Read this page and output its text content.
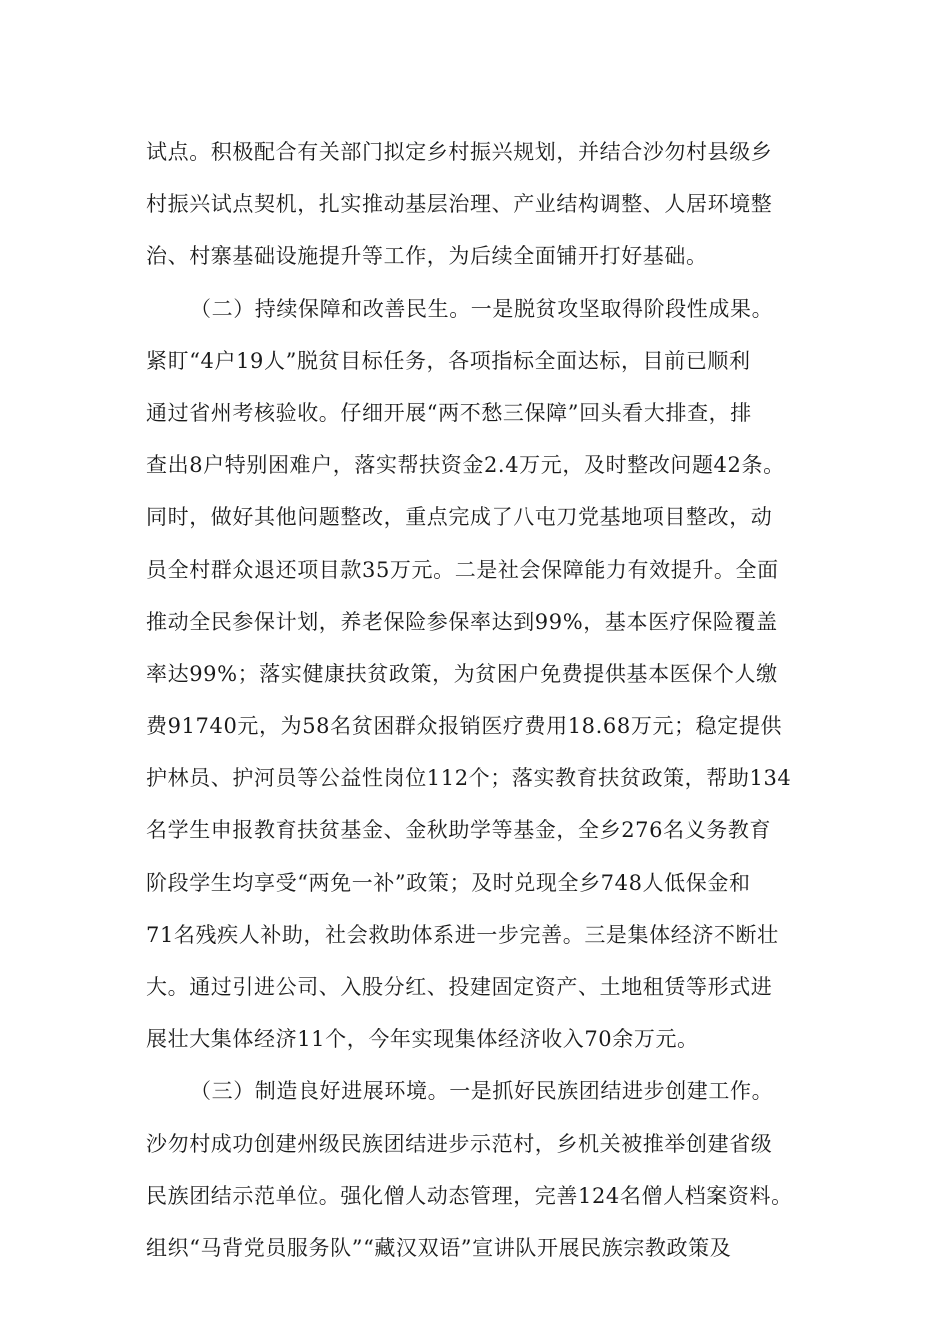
试点。积极配合有关部门拟定乡村振兴规划，并结合沙勿村县级乡
村振兴试点契机，扎实推动基层治理、产业结构调整、人居环境整
治、村寨基础设施提升等工作，为后续全面铺开打好基础。
（二）持续保障和改善民生。一是脱贫攻坚取得阶段性成果。
紧盯“4户19人”脱贫目标任务，各项指标全面达标，目前已顺利
通过省州考核验收。仔细开展“两不愁三保障”回头看大排查，排
查出8户特别困难户，落实帮扶资金2.4万元，及时整改问题42条。
同时，做好其他问题整改，重点完成了八屯刀党基地项目整改，动
员全村群众退还项目款35万元。二是社会保障能力有效提升。全面
推动全民参保计划，养老保险参保率达到99%，基本医疗保险覆盖
率达99%；落实健康扶贫政策，为贫困户免费提供基本医保个人缴
费91740元，为58名贫困群众报销医疗费用18.68万元；稳定提供
护林员、护河员等公益性岗位112个；落实教育扶贫政策，帮助134
名学生申报教育扶贫基金、金秋助学等基金，全乡276名义务教育
阶段学生均享受“两免一补”政策；及时兑现全乡748人低保金和
71名残疾人补助，社会救助体系进一步完善。三是集体经济不断壮
大。通过引进公司、入股分红、投建固定资产、土地租赁等形式进
展壮大集体经济11个，今年实现集体经济收入70余万元。
（三）制造良好进展环境。一是抓好民族团结进步创建工作。
沙勿村成功创建州级民族团结进步示范村，乡机关被推举创建省级
民族团结示范单位。强化僧人动态管理，完善124名僧人档案资料。
组织“马背党员服务队”“藏汉双语”宣讲队开展民族宗教政策及
